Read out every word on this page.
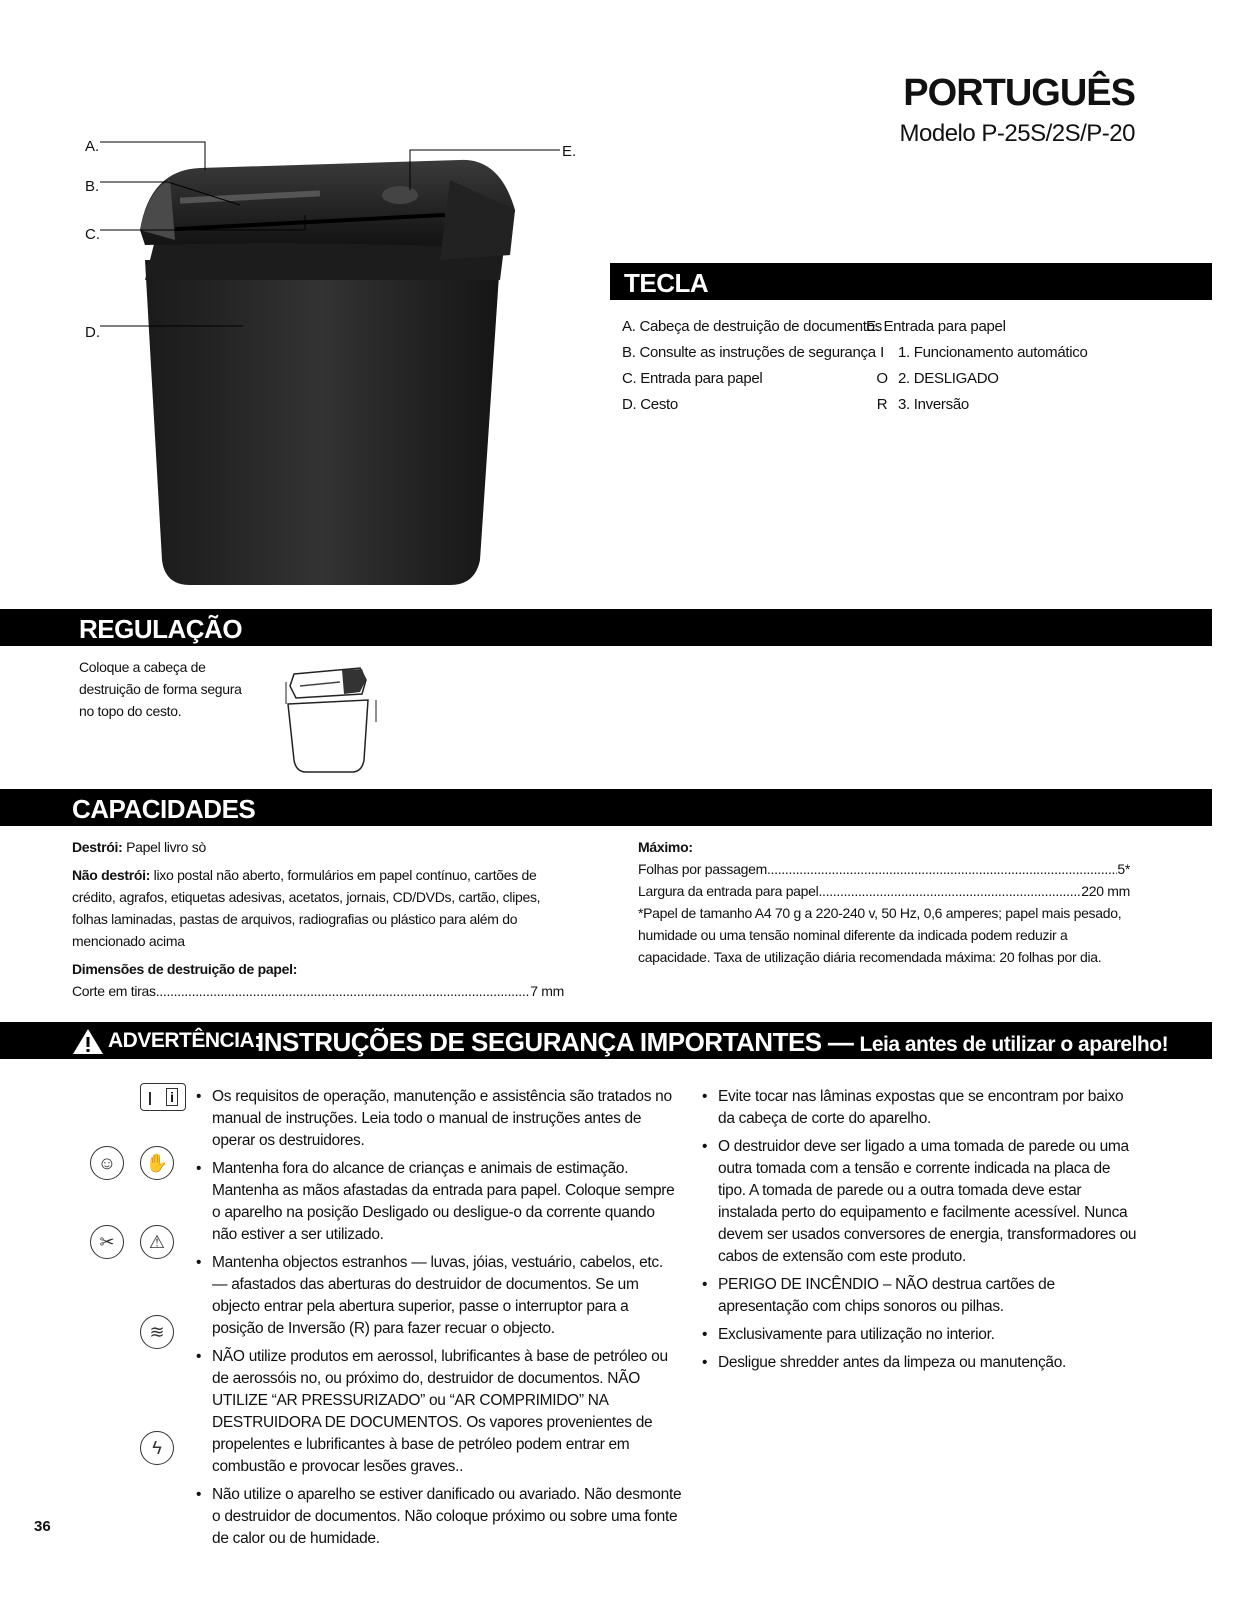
PORTUGUÊS
Modelo P-25S/2S/P-20
A.
B.
C.
D.
E.
TECLA
A. Cabeça de destruição de documentos
B. Consulte as instruções de segurança
C. Entrada para papel
D. Cesto
E. Entrada para papel
I 1. Funcionamento automático
O 2. DESLIGADO
R 3. Inversão
REGULAÇÃO
Coloque a cabeça de destruição de forma segura no topo do cesto.
CAPACIDADES
Destrói: Papel livro sò
Não destrói: lixo postal não aberto, formulários em papel contínuo, cartões de crédito, agrafos, etiquetas adesivas, acetatos, jornais, CD/DVDs, cartão, clipes, folhas laminadas, pastas de arquivos, radiografias ou plástico para além do mencionado acima
Dimensões de destruição de papel:
Corte em tiras .....	7 mm
Máximo:
Folhas por passagem .....	5*
Largura da entrada para papel .....	220 mm
*Papel de tamanho A4 70 g a 220-240 v, 50 Hz, 0,6 amperes; papel mais pesado, humidade ou uma tensão nominal diferente da indicada podem reduzir a capacidade. Taxa de utilização diária recomendada máxima: 20 folhas por dia.
ADVERTÊNCIA:
INSTRUÇÕES DE SEGURANÇA IMPORTANTES — Leia antes de utilizar o aparelho!
| i
☺	✋
✂	⚠
≋
ϟ
• Os requisitos de operação, manutenção e assistência são tratados no manual de instruções. Leia todo o manual de instruções antes de operar os destruidores.
• Mantenha fora do alcance de crianças e animais de estimação. Mantenha as mãos afastadas da entrada para papel. Coloque sempre o aparelho na posição Desligado ou desligue-o da corrente quando não estiver a ser utilizado.
• Mantenha objectos estranhos — luvas, jóias, vestuário, cabelos, etc. — afastados das aberturas do destruidor de documentos. Se um objecto entrar pela abertura superior, passe o interruptor para a posição de Inversão (R) para fazer recuar o objecto.
• NÃO utilize produtos em aerossol, lubrificantes à base de petróleo ou de aerossóis no, ou próximo do, destruidor de documentos. NÃO UTILIZE “AR PRESSURIZADO” ou “AR COMPRIMIDO” NA DESTRUIDORA DE DOCUMENTOS. Os vapores provenientes de propelentes e lubrificantes à base de petróleo podem entrar em combustão e provocar lesões graves..
• Não utilize o aparelho se estiver danificado ou avariado. Não desmonte o destruidor de documentos. Não coloque próximo ou sobre uma fonte de calor ou de humidade.
• Evite tocar nas lâminas expostas que se encontram por baixo da cabeça de corte do aparelho.
• O destruidor deve ser ligado a uma tomada de parede ou uma outra tomada com a tensão e corrente indicada na placa de tipo. A tomada de parede ou a outra tomada deve estar instalada perto do equipamento e facilmente acessível. Nunca devem ser usados conversores de energia, transformadores ou cabos de extensão com este produto.
• PERIGO DE INCÊNDIO – NÃO destrua cartões de apresentação com chips sonoros ou pilhas.
• Exclusivamente para utilização no interior.
• Desligue shredder antes da limpeza ou manutenção.
36
